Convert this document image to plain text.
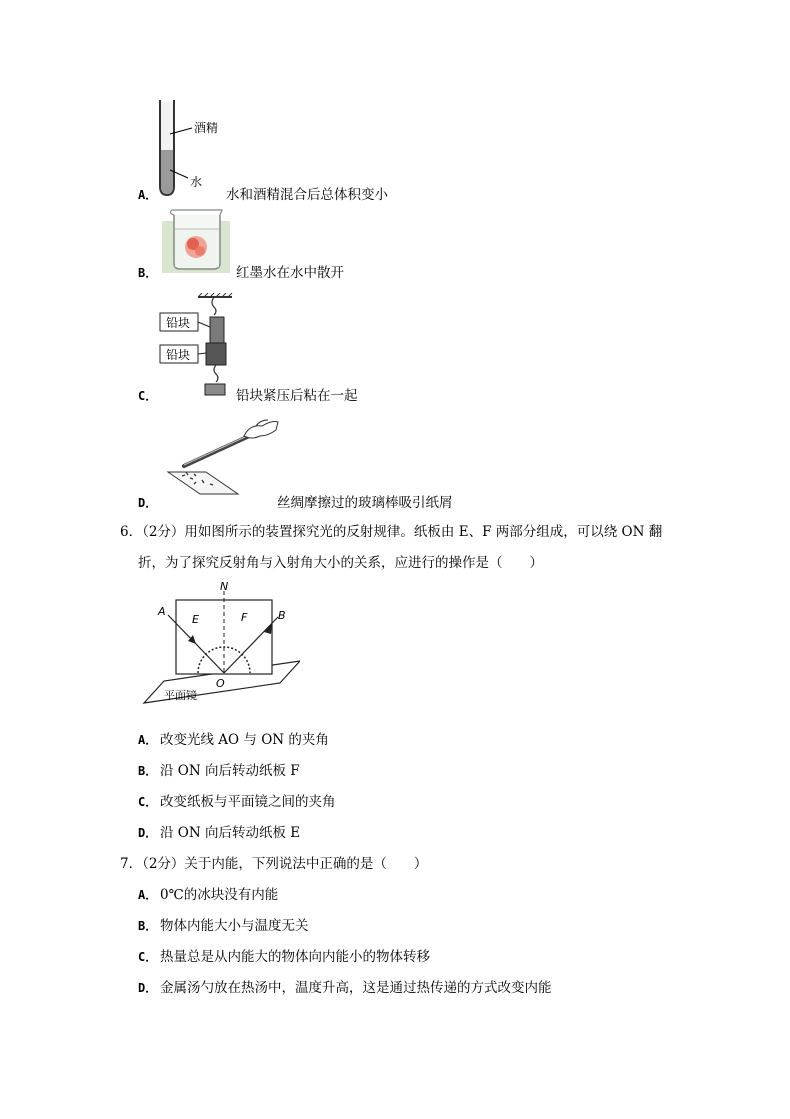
酒精
水
A．	水和酒精混合后总体积变小
B．	红墨水在水中散开
铅块
铅块
C．	铅块紧压后粘在一起
D．	丝绸摩擦过的玻璃棒吸引纸屑
6．（2分）用如图所示的装置探究光的反射规律。纸板由 E、F 两部分组成，可以绕 ON 翻
折，为了探究反射角与入射角大小的关系，应进行的操作是（　　）
N
A	B
E	F
O
平面镜
A． 改变光线 AO 与 ON 的夹角
B． 沿 ON 向后转动纸板 F
C． 改变纸板与平面镜之间的夹角
D． 沿 ON 向后转动纸板 E
7．（2分）关于内能，下列说法中正确的是（　　）
A． 0℃的冰块没有内能
B． 物体内能大小与温度无关
C． 热量总是从内能大的物体向内能小的物体转移
D． 金属汤勺放在热汤中，温度升高，这是通过热传递的方式改变内能
